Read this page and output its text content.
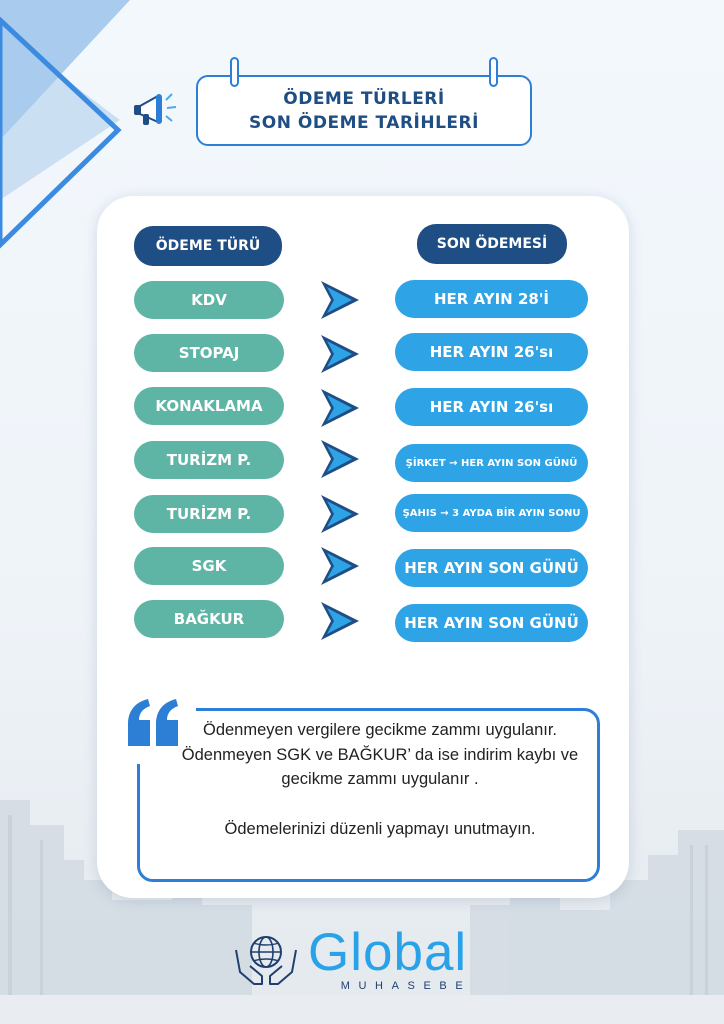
ÖDEME TÜRLERİ
SON ÖDEME TARİHLERİ
ÖDEME TÜRÜ	SON ÖDEMESİ
KDV	HER AYIN 28'İ
STOPAJ	HER AYIN 26'sı
KONAKLAMA	HER AYIN 26'sı
TURİZM P.	ŞİRKET → HER AYIN SON GÜNÜ
TURİZM P.	ŞAHIS → 3 AYDA BİR AYIN SONU
SGK	HER AYIN SON GÜNÜ
BAĞKUR	HER AYIN SON GÜNÜ

Ödenmeyen vergilere gecikme zammı uygulanır.

Ödenmeyen SGK ve BAĞKUR’ da ise indirim kaybı ve gecikme zammı uygulanır .

Ödemelerinizi düzenli yapmayı unutmayın.

Global
MUHASEBE
